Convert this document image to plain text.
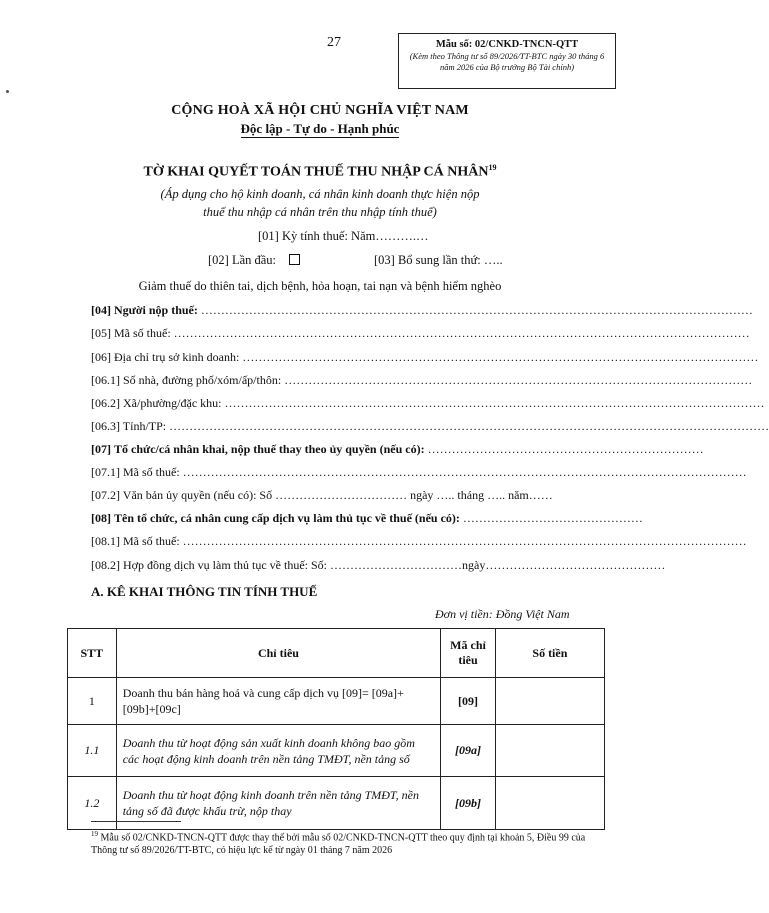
27	Mẫu số: 02/CNKD-TNCN-QTT
(Kèm theo Thông tư số 89/2026/TT-BTC ngày 30 tháng 6 năm 2026 của Bộ trưởng Bộ Tài chính)
CỘNG HOÀ XÃ HỘI CHỦ NGHĨA VIỆT NAM
Độc lập - Tự do - Hạnh phúc
TỜ KHAI QUYẾT TOÁN THUẾ THU NHẬP CÁ NHÂN$^{19}$
(Áp dụng cho hộ kinh doanh, cá nhân kinh doanh thực hiện nộp thuế thu nhập cá nhân trên thu nhập tính thuế)
[01] Kỳ tính thuế: Năm……….…
[02] Lần đầu:	[03] Bổ sung lần thứ: …..
Giảm thuế do thiên tai, dịch bệnh, hỏa hoạn, tai nạn và bệnh hiểm nghèo
[04] Người nộp thuế: …………………………………………………………………………………………………………………………
[05] Mã số thuế: ………………………………………………………………………………………………………………………………
[06] Địa chỉ trụ sở kinh doanh: …………………………………………………………………………………………………………………
[06.1] Số nhà, đường phố/xóm/ấp/thôn: ………………………………………………………………………………………………………
[06.2] Xã/phường/đặc khu: ………………………………………………………………………………………………………………………
[06.3] Tỉnh/TP: ……………………………………………………………………………………………………………………………………
[07] Tổ chức/cá nhân khai, nộp thuế thay theo ủy quyền (nếu có): ……………………………………………………………
[07.1] Mã số thuế: ……………………………………………………………………………………………………………………………
[07.2] Văn bản ủy quyền (nếu có): Số …………………………… ngày ….. tháng ….. năm……
[08] Tên tổ chức, cá nhân cung cấp dịch vụ làm thủ tục về thuế (nếu có): ………………………………………
[08.1] Mã số thuế: ……………………………………………………………………………………………………………………………
[08.2] Hợp đồng dịch vụ làm thủ tục về thuế: Số: ……………………………ngày………………………………………
A. KÊ KHAI THÔNG TIN TÍNH THUẾ
Đơn vị tiền: Đồng Việt Nam
STT	Chỉ tiêu	Mã chỉ tiêu	Số tiền
1	Doanh thu bán hàng hoá và cung cấp dịch vụ [09]= [09a]+[09b]+[09c]	[09]	
1.1	Doanh thu từ hoạt động sản xuất kinh doanh không bao gồm các hoạt động kinh doanh trên nền tảng TMĐT, nền tảng số	[09a]	
1.2	Doanh thu từ hoạt động kinh doanh trên nền tảng TMĐT, nền tảng số đã được khấu trừ, nộp thay	[09b]	
$^{19}$ Mẫu số 02/CNKD-TNCN-QTT được thay thế bởi mẫu số 02/CNKD-TNCN-QTT theo quy định tại khoản 5, Điều 99 của Thông tư số 89/2026/TT-BTC, có hiệu lực kể từ ngày 01 tháng 7 năm 2026
